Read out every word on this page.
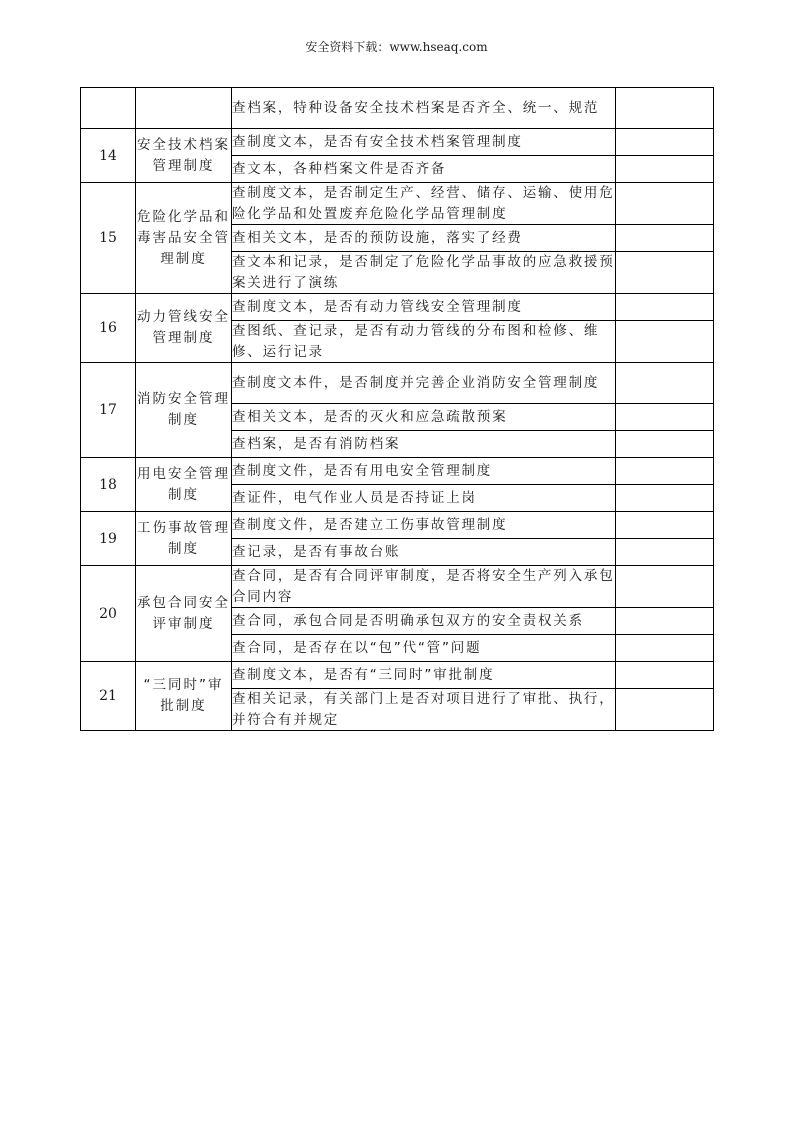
安全资料下载：www.hseaq.com
		查档案，特种设备安全技术档案是否齐全、统一、规范	
14	安全技术档案管理制度	查制度文本，是否有安全技术档案管理制度	
		查文本，各种档案文件是否齐备	
15	危险化学品和毒害品安全管理制度	查制度文本，是否制定生产、经营、储存、运输、使用危险化学品和处置废弃危险化学品管理制度	
		查相关文本，是否的预防设施，落实了经费	
		查文本和记录，是否制定了危险化学品事故的应急救援预案关进行了演练	
16	动力管线安全管理制度	查制度文本，是否有动力管线安全管理制度	
		查图纸、查记录，是否有动力管线的分布图和检修、维修、运行记录	
17	消防安全管理制度	查制度文本件，是否制度并完善企业消防安全管理制度	
		查相关文本，是否的灭火和应急疏散预案	
		查档案，是否有消防档案	
18	用电安全管理制度	查制度文件，是否有用电安全管理制度	
		查证件，电气作业人员是否持证上岗	
19	工伤事故管理制度	查制度文件，是否建立工伤事故管理制度	
		查记录，是否有事故台账	
20	承包合同安全评审制度	查合同，是否有合同评审制度，是否将安全生产列入承包合同内容	
		查合同，承包合同是否明确承包双方的安全责权关系	
		查合同，是否存在以“包”代“管”问题	
21	“三同时”审批制度	查制度文本，是否有“三同时”审批制度	
		查相关记录，有关部门上是否对项目进行了审批、执行，并符合有并规定	
